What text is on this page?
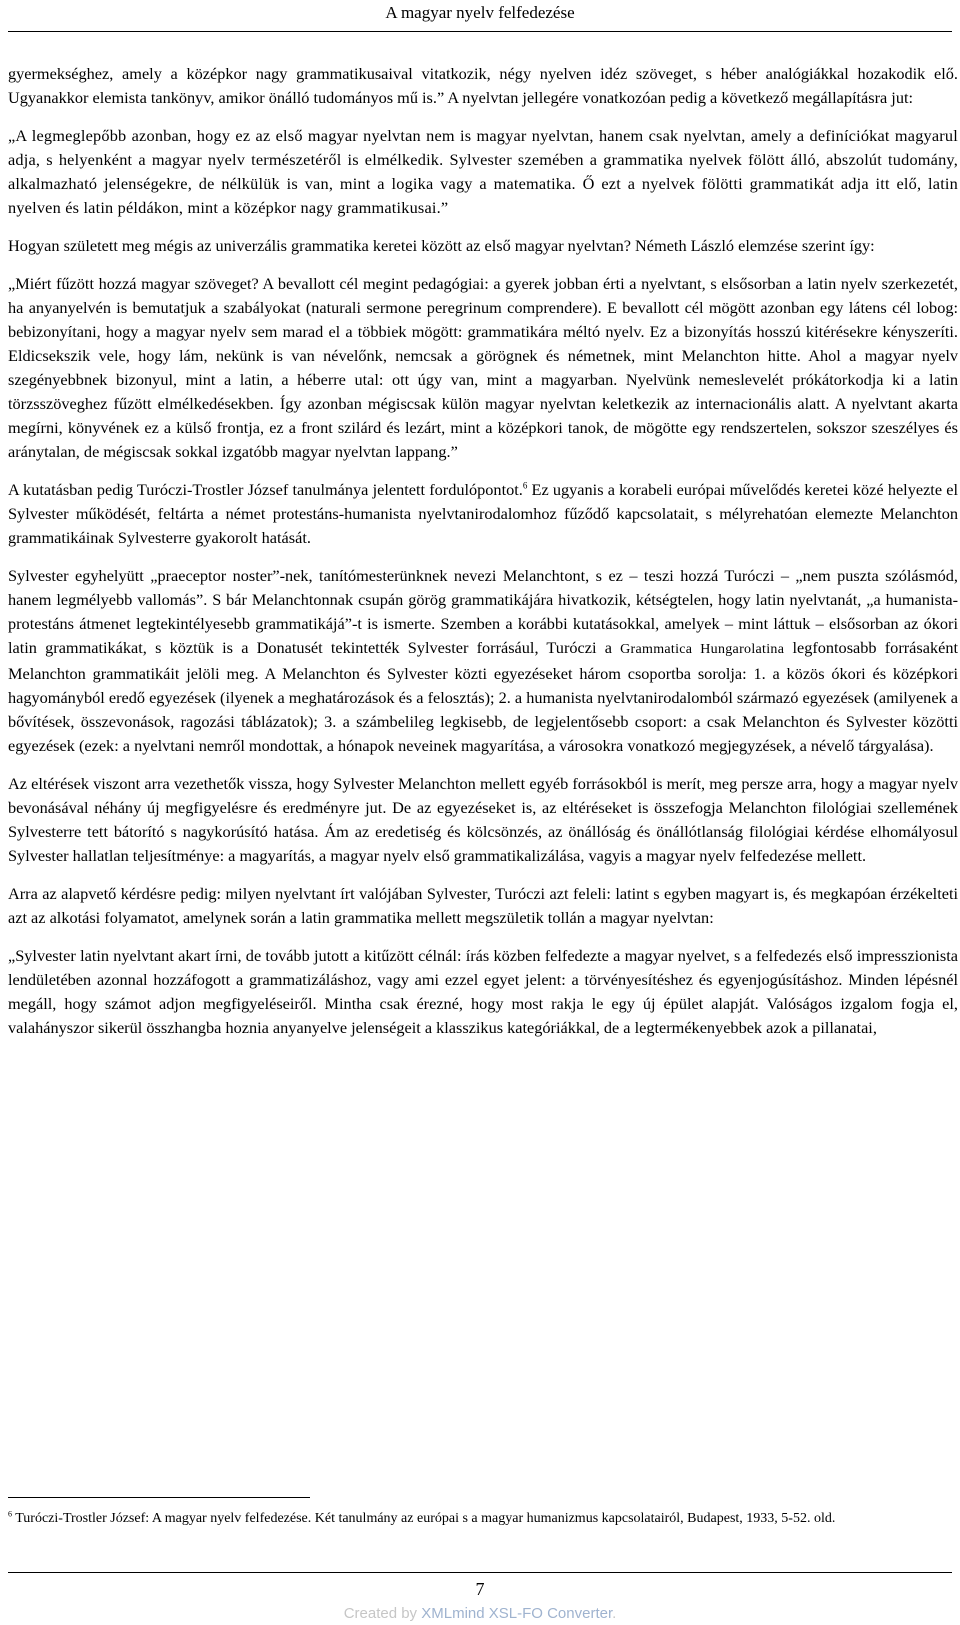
A magyar nyelv felfedezése

gyermekséghez, amely a középkor nagy grammatikusaival vitatkozik, négy nyelven idéz szöveget, s héber analógiákkal hozakodik elő. Ugyanakkor elemista tankönyv, amikor önálló tudományos mű is.” A nyelvtan jellegére vonatkozóan pedig a következő megállapításra jut:

„A legmeglepőbb azonban, hogy ez az első magyar nyelvtan nem is magyar nyelvtan, hanem csak nyelvtan, amely a definíciókat magyarul adja, s helyenként a magyar nyelv természetéről is elmélkedik. Sylvester szemében a grammatika nyelvek fölött álló, abszolút tudomány, alkalmazható jelenségekre, de nélkülük is van, mint a logika vagy a matematika. Ő ezt a nyelvek fölötti grammatikát adja itt elő, latin nyelven és latin példákon, mint a középkor nagy grammatikusai.”

Hogyan született meg mégis az univerzális grammatika keretei között az első magyar nyelvtan? Németh László elemzése szerint így:

„Miért fűzött hozzá magyar szöveget? A bevallott cél megint pedagógiai: a gyerek jobban érti a nyelvtant, s elsősorban a latin nyelv szerkezetét, ha anyanyelvén is bemutatjuk a szabályokat (naturali sermone peregrinum comprendere). E bevallott cél mögött azonban egy látens cél lobog: bebizonyítani, hogy a magyar nyelv sem marad el a többiek mögött: grammatikára méltó nyelv. Ez a bizonyítás hosszú kitérésekre kényszeríti. Eldicsekszik vele, hogy lám, nekünk is van névelőnk, nemcsak a görögnek és németnek, mint Melanchton hitte. Ahol a magyar nyelv szegényebbnek bizonyul, mint a latin, a héberre utal: ott úgy van, mint a magyarban. Nyelvünk nemeslevelét prókátorkodja ki a latin törzsszöveghez fűzött elmélkedésekben. Így azonban mégiscsak külön magyar nyelvtan keletkezik az internacionális alatt. A nyelvtant akarta megírni, könyvének ez a külső frontja, ez a front szilárd és lezárt, mint a középkori tanok, de mögötte egy rendszertelen, sokszor szeszélyes és aránytalan, de mégiscsak sokkal izgatóbb magyar nyelvtan lappang.”

A kutatásban pedig Turóczi-Trostler József tanulmánya jelentett fordulópontot.$^6$ Ez ugyanis a korabeli európai művelődés keretei közé helyezte el Sylvester működését, feltárta a német protestáns-humanista nyelvtanirodalomhoz fűződő kapcsolatait, s mélyrehatóan elemezte Melanchton grammatikáinak Sylvesterre gyakorolt hatását.

Sylvester egyhelyütt „praeceptor noster”-nek, tanítómesterünknek nevezi Melanchtont, s ez – teszi hozzá Turóczi – „nem puszta szólásmód, hanem legmélyebb vallomás”. S bár Melanchtonnak csupán görög grammatikájára hivatkozik, kétségtelen, hogy latin nyelvtanát, „a humanista-protestáns átmenet legtekintélyesebb grammatikájá”-t is ismerte. Szemben a korábbi kutatásokkal, amelyek – mint láttuk – elsősorban az ókori latin grammatikákat, s köztük is a Donatusét tekintették Sylvester forrásául, Turóczi a Grammatica Hungarolatina legfontosabb forrásaként Melanchton grammatikáit jelöli meg. A Melanchton és Sylvester közti egyezéseket három csoportba sorolja: 1. a közös ókori és középkori hagyományból eredő egyezések (ilyenek a meghatározások és a felosztás); 2. a humanista nyelvtanirodalomból származó egyezések (amilyenek a bővítések, összevonások, ragozási táblázatok); 3. a számbelileg legkisebb, de legjelentősebb csoport: a csak Melanchton és Sylvester közötti egyezések (ezek: a nyelvtani nemről mondottak, a hónapok neveinek magyarítása, a városokra vonatkozó megjegyzések, a névelő tárgyalása).

Az eltérések viszont arra vezethetők vissza, hogy Sylvester Melanchton mellett egyéb forrásokból is merít, meg persze arra, hogy a magyar nyelv bevonásával néhány új megfigyelésre és eredményre jut. De az egyezéseket is, az eltéréseket is összefogja Melanchton filológiai szellemének Sylvesterre tett bátorító s nagykorúsító hatása. Ám az eredetiség és kölcsönzés, az önállóság és önállótlanság filológiai kérdése elhomályosul Sylvester hallatlan teljesítménye: a magyarítás, a magyar nyelv első grammatikalizálása, vagyis a magyar nyelv felfedezése mellett.

Arra az alapvető kérdésre pedig: milyen nyelvtant írt valójában Sylvester, Turóczi azt feleli: latint s egyben magyart is, és megkapóan érzékelteti azt az alkotási folyamatot, amelynek során a latin grammatika mellett megszületik tollán a magyar nyelvtan:

„Sylvester latin nyelvtant akart írni, de tovább jutott a kitűzött célnál: írás közben felfedezte a magyar nyelvet, s a felfedezés első impresszionista lendületében azonnal hozzáfogott a grammatizáláshoz, vagy ami ezzel egyet jelent: a törvényesítéshez és egyenjogúsításhoz. Minden lépésnél megáll, hogy számot adjon megfigyeléseiről. Mintha csak érezné, hogy most rakja le egy új épület alapját. Valóságos izgalom fogja el, valahányszor sikerül összhangba hoznia anyanyelve jelenségeit a klasszikus kategóriákkal, de a legtermékenyebbek azok a pillanatai,

$^6$ Turóczi-Trostler József: A magyar nyelv felfedezése. Két tanulmány az európai s a magyar humanizmus kapcsolatairól, Budapest, 1933, 5-52. old.
7
Created by XMLmind XSL-FO Converter.
